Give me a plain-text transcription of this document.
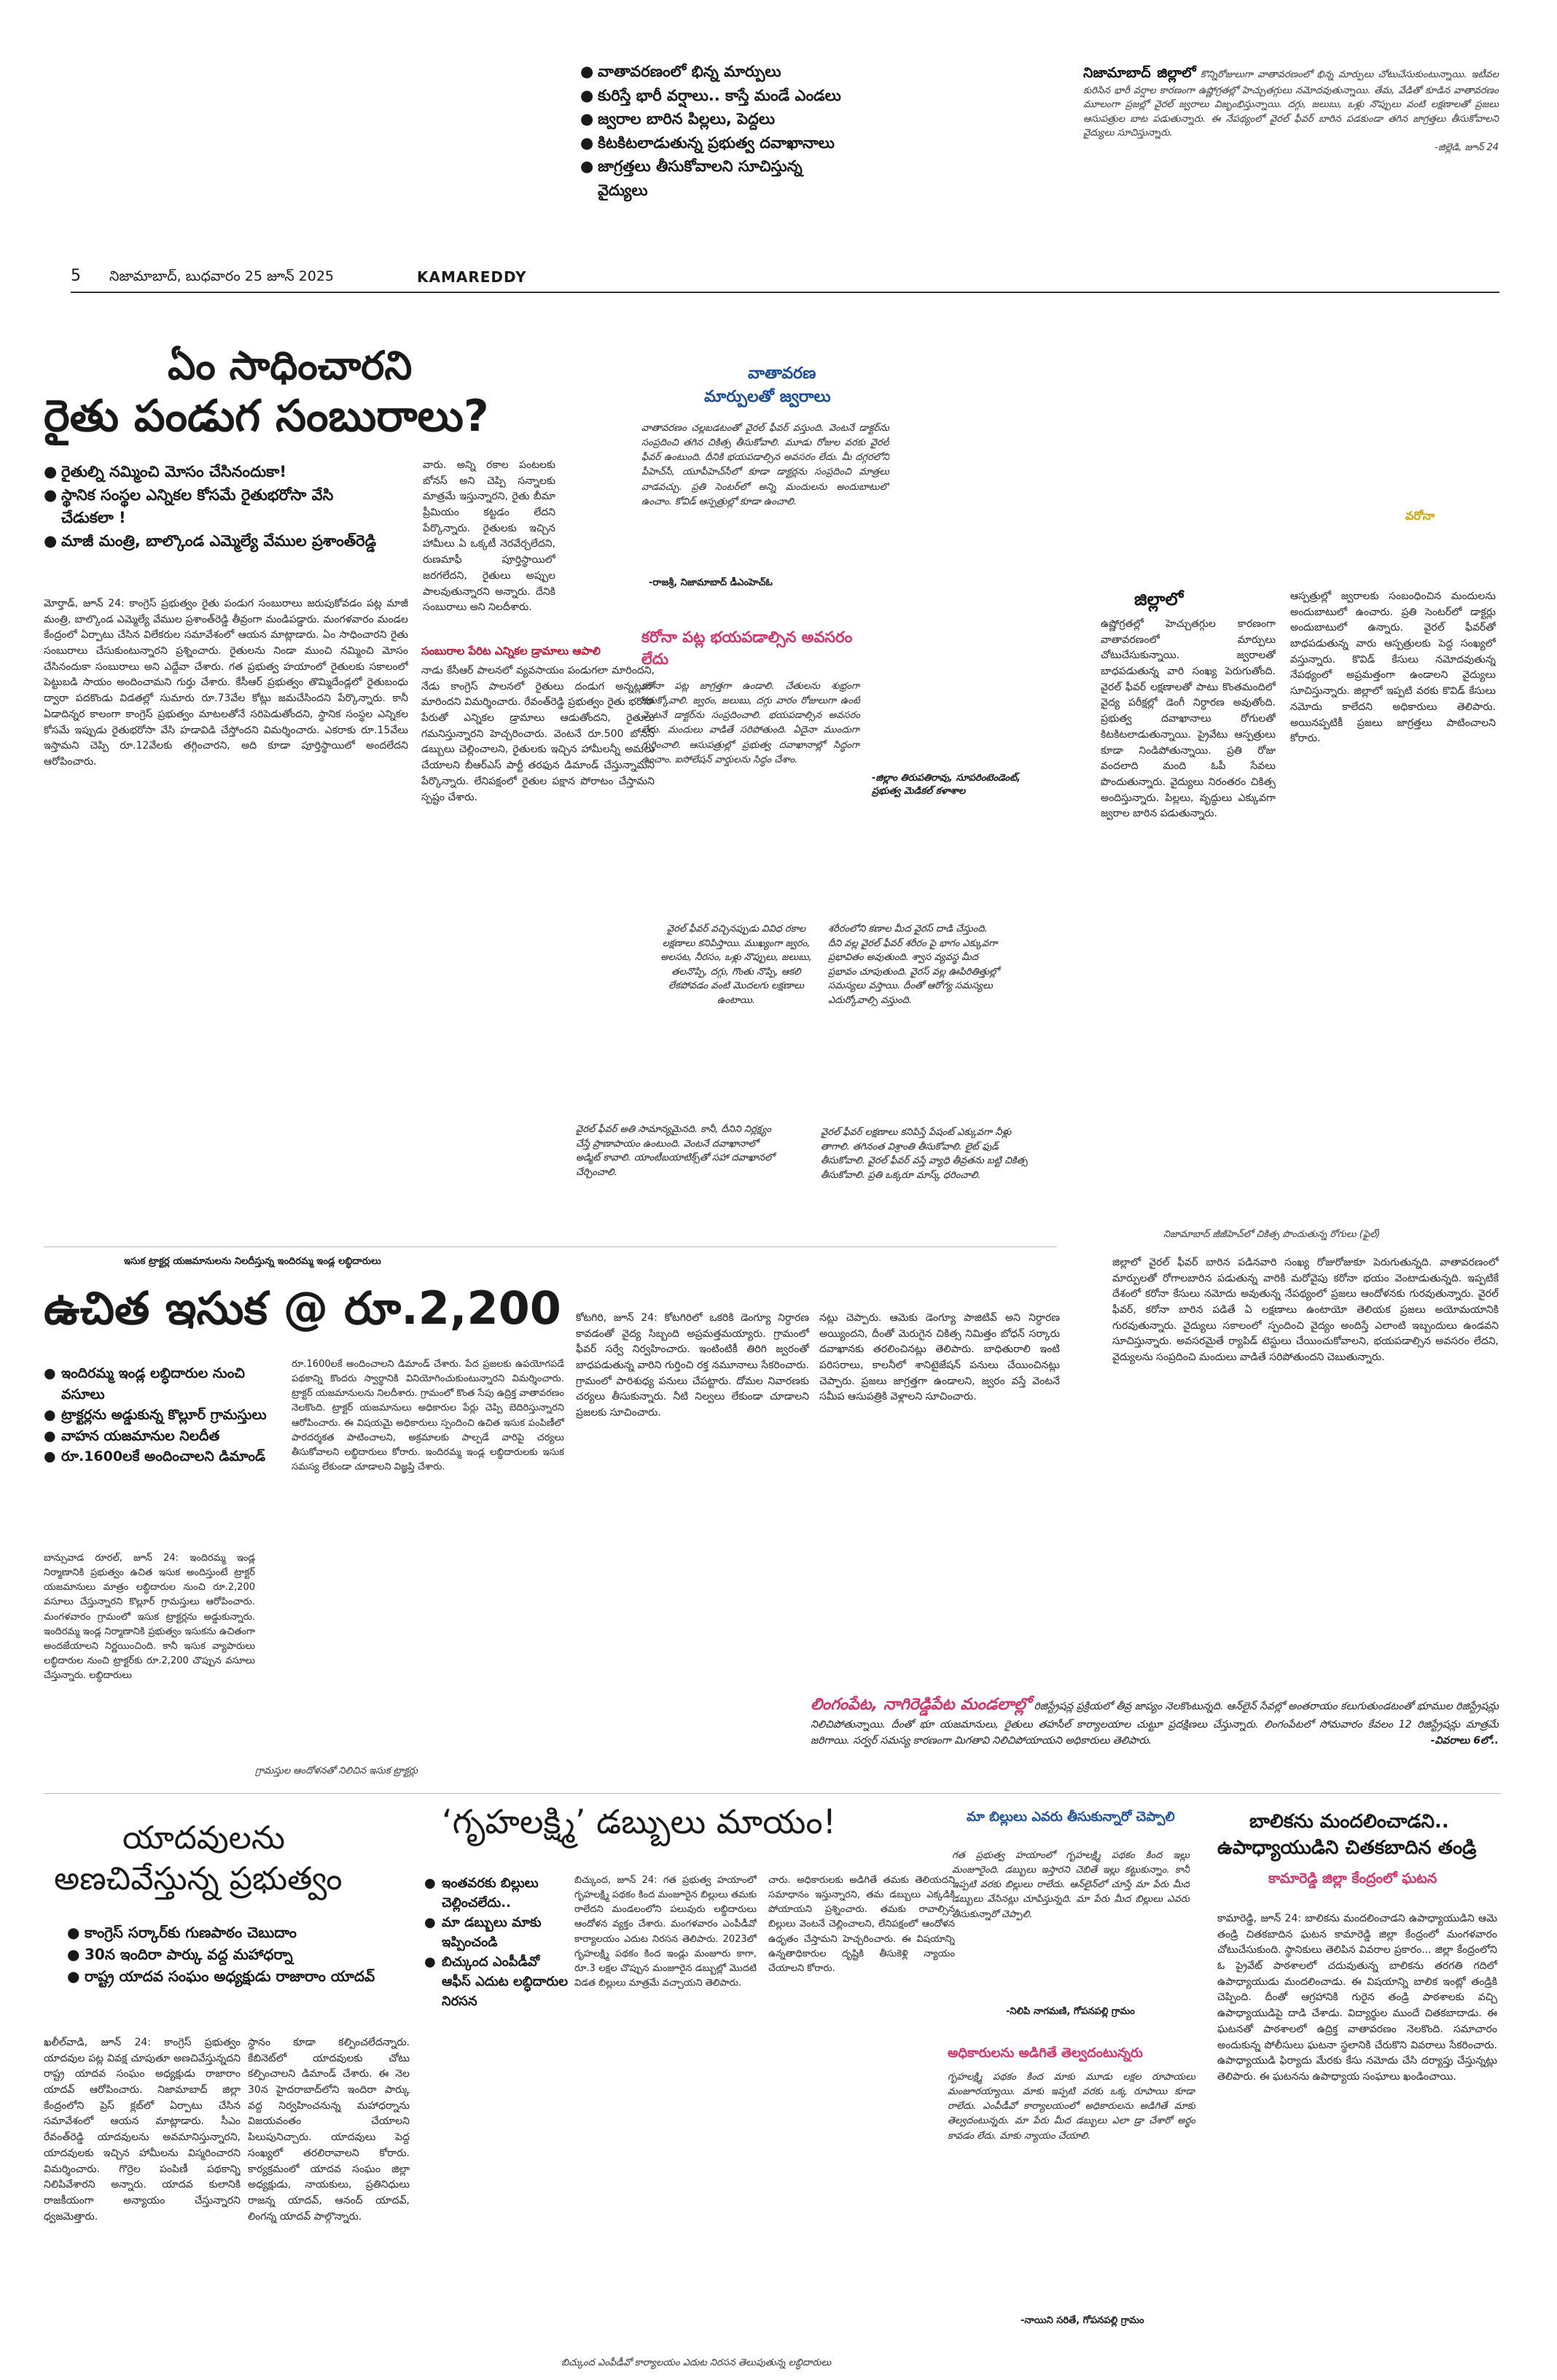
● వాతావరణంలో భిన్న మార్పులు
● కురిస్తే భారీ వర్షాలు.. కాస్తే మండే ఎండలు
● జ్వరాల బారిన పిల్లలు, పెద్దలు
● కిటకిటలాడుతున్న ప్రభుత్వ దవాఖానాలు
● జాగ్రత్తలు తీసుకోవాలని సూచిస్తున్న వైద్యులు
నిజామాబాద్ జిల్లాలో కొన్నిరోజులుగా వాతావరణంలో భిన్న మార్పులు చోటుచేసుకుంటున్నాయి. ఇటీవల కురిసిన భారీ వర్షాల కారణంగా ఉష్ణోగ్రతల్లో హెచ్చుతగ్గులు నమోదవుతున్నాయి. తేమ, వేడితో కూడిన వాతావరణం మూలంగా ప్రజల్లో వైరల్ జ్వరాలు విజృంభిస్తున్నాయి. దగ్గు, జలుబు, ఒళ్లు నొప్పులు వంటి లక్షణాలతో ప్రజలు ఆసుపత్రుల బాట పడుతున్నారు. ఈ నేపథ్యంలో వైరల్ ఫీవర్ బారిన పడకుండా తగిన జాగ్రత్తలు తీసుకోవాలని వైద్యులు సూచిస్తున్నారు.
-జిల్లెడి, జూన్ 24
5 నిజామాబాద్, బుధవారం 25 జూన్ 2025	KAMAREDDY
ఏం సాధించారని
రైతు పండుగ సంబురాలు?
● రైతుల్ని నమ్మించి మోసం చేసినందుకా!
● స్థానిక సంస్థల ఎన్నికల కోసమే రైతుభరోసా వేసి చేడుకలా !
● మాజీ మంత్రి, బాల్కొండ ఎమ్మెల్యే వేముల ప్రశాంత్‌రెడ్డి
మోర్తాడ్, జూన్ 24: కాంగ్రెస్ ప్రభుత్వం రైతు పండుగ సంబురాలు జరుపుకోవడం పట్ల మాజీ మంత్రి, బాల్కొండ ఎమ్మెల్యే వేముల ప్రశాంత్‌రెడ్డి తీవ్రంగా మండిపడ్డారు. మంగళవారం మండల కేంద్రంలో ఏర్పాటు చేసిన విలేకరుల సమావేశంలో ఆయన మాట్లాడారు. ఏం సాధించారని రైతు సంబురాలు చేసుకుంటున్నారని ప్రశ్నించారు. రైతులను నిండా ముంచి నమ్మించి మోసం చేసినందుకా సంబురాలు అని ఎద్దేవా చేశారు. గత ప్రభుత్వ హయాంలో రైతులకు సకాలంలో పెట్టుబడి సాయం అందించామని గుర్తు చేశారు. కేసీఆర్ ప్రభుత్వం తొమ్మిదేండ్లలో రైతుబంధు ద్వారా పదకొండు విడతల్లో సుమారు రూ.73వేల కోట్లు జమచేసిందని పేర్కొన్నారు. కానీ ఏడాదిన్నర కాలంగా కాంగ్రెస్ ప్రభుత్వం మాటలతోనే సరిపెడుతోందని, స్థానిక సంస్థల ఎన్నికల కోసమే ఇప్పుడు రైతుభరోసా వేసి హడావిడి చేస్తోందని విమర్శించారు. ఎకరాకు రూ.15వేలు ఇస్తామని చెప్పి రూ.12వేలకు తగ్గించారని, అది కూడా పూర్తిస్థాయిలో అందలేదని ఆరోపించారు.
వారు. అన్ని రకాల పంటలకు బోనస్ అని చెప్పి సన్నాలకు మాత్రమే ఇస్తున్నారని, రైతు బీమా ప్రీమియం కట్టడం లేదని పేర్కొన్నారు. రైతులకు ఇచ్చిన హామీలు ఏ ఒక్కటీ నెరవేర్చలేదని, రుణమాఫీ పూర్తిస్థాయిలో జరగలేదని, రైతులు అప్పుల పాలవుతున్నారని అన్నారు. దేనికి సంబురాలు అని నిలదీశారు.
సంబురాల పేరిట ఎన్నికల డ్రామాలు ఆపాలి
నాడు కేసీఆర్ పాలనలో వ్యవసాయం పండుగలా మారిందని, నేడు కాంగ్రెస్ పాలనలో రైతులు దండుగ అన్నట్లుగా మారిందని విమర్శించారు. రేవంత్‌రెడ్డి ప్రభుత్వం రైతు భరోసా పేరుతో ఎన్నికల డ్రామాలు ఆడుతోందని, రైతులు గమనిస్తున్నారని హెచ్చరించారు. వెంటనే రూ.500 బోనస్ డబ్బులు చెల్లించాలని, రైతులకు ఇచ్చిన హామీలన్నీ అమలు చేయాలని బీఆర్ఎస్ పార్టీ తరఫున డిమాండ్ చేస్తున్నామని పేర్కొన్నారు. లేనిపక్షంలో రైతుల పక్షాన పోరాటం చేస్తామని స్పష్టం చేశారు.
వాతావరణ
మార్పులతో జ్వరాలు
వాతావరణం చల్లబడటంతో వైరల్ ఫీవర్ వస్తుంది. వెంటనే డాక్టర్‌ను సంప్రదించి తగిన చికిత్స తీసుకోవాలి. మూడు రోజుల వరకు వైరల్ ఫీవర్ ఉంటుంది. దీనికి భయపడాల్సిన అవసరం లేదు. మీ దగ్గరలోని పీహెచ్‌సీ, యూపీహెచ్‌సీలో కూడా డాక్టర్లను సంప్రదించి మాత్రలు వాడవచ్చు. ప్రతి సెంటర్‌లో అన్ని మందులను అందుబాటులో ఉంచాం. కోవిడ్ ఆస్పత్రుల్లో కూడా ఉంచాలి.
-రాజశ్రీ, నిజామాబాద్ డీఎంహెచ్‌ఓ
కరోనా పట్ల భయపడాల్సిన అవసరం లేదు
కరోనా పట్ల జాగ్రత్తగా ఉండాలి. చేతులను శుభ్రంగా కడుక్కోవాలి. జ్వరం, జలుబు, దగ్గు వారం రోజులుగా ఉంటే వెంటనే డాక్టర్‌ను సంప్రదించాలి. భయపడాల్సిన అవసరం లేదు. మందులు వాడితే సరిపోతుంది. ఏదైనా ముందుగా గుర్తించాలి. ఆసుపత్రుల్లో ప్రభుత్వ దవాఖానాల్లో సిద్ధంగా ఉంచాం. ఐసోలేషన్ వార్డులను సిద్ధం చేశాం.
-జిల్లాం తిరుపతిరావు, సూపరింటెండెంట్, ప్రభుత్వ మెడికల్ కళాశాల
వైరల్ ఫీవర్ వచ్చినప్పుడు వివిధ రకాల లక్షణాలు కనిపిస్తాయి. ముఖ్యంగా జ్వరం, అలసట, నీరసం, ఒళ్లు నొప్పులు, జలుబు, తలనొప్పి, దగ్గు, గొంతు నొప్పి, ఆకలి లేకపోవడం వంటి మొదలగు లక్షణాలు ఉంటాయి.
శరీరంలోని కణాల మీద వైరస్ దాడి చేస్తుంది. దీని వల్ల వైరల్ ఫీవర్ శరీరం పై భాగం ఎక్కువగా ప్రభావితం అవుతుంది. శ్వాస వ్యవస్థ మీద ప్రభావం చూపుతుంది. వైరస్ వల్ల ఊపిరితిత్తుల్లో సమస్యలు వస్తాయి. దీంతో ఆరోగ్య సమస్యలు ఎదుర్కోవాల్సి వస్తుంది.
వైరల్ ఫీవర్ అతి సామాన్యమైనది. కానీ, దీనిని నిర్లక్ష్యం చేస్తే ప్రాణాపాయం ఉంటుంది. వెంటనే దవాఖానాలో అడ్మిట్ కావాలి. యాంటీబయాటిక్స్‌తో సహా దవాఖానలో చేర్చించాలి.
వైరల్ ఫీవర్‌ లక్షణాలు కనిపిస్తే పేషంట్ ఎక్కువగా నీళ్లు తాగాలి. తగినంత విశ్రాంతి తీసుకోవాలి. లైట్ ఫుడ్ తీసుకోవాలి. వైరల్ ఫీవర్ వస్తే వ్యాధి తీవ్రతను బట్టి చికిత్స తీసుకోవాలి. ప్రతి ఒక్కరూ మాస్క్ ధరించాలి.
వరోనా
జిల్లాలో
ఉష్ణోగ్రతల్లో హెచ్చుతగ్గుల కారణంగా వాతావరణంలో మార్పులు చోటుచేసుకున్నాయి. జ్వరాలతో బాధపడుతున్న వారి సంఖ్య పెరుగుతోంది. వైరల్ ఫీవర్ లక్షణాలతో పాటు కొంతమందిలో వైద్య పరీక్షల్లో డెంగీ నిర్ధారణ అవుతోంది. ప్రభుత్వ దవాఖానాలు రోగులతో కిటకిటలాడుతున్నాయి. ప్రైవేటు ఆస్పత్రులు కూడా నిండిపోతున్నాయి. ప్రతి రోజు వందలాది మంది ఓపీ సేవలు పొందుతున్నారు. వైద్యులు నిరంతరం చికిత్స అందిస్తున్నారు. పిల్లలు, వృద్ధులు ఎక్కువగా జ్వరాల బారిన పడుతున్నారు.
ఆస్పత్రుల్లో జ్వరాలకు సంబంధించిన మందులను అందుబాటులో ఉంచారు. ప్రతి సెంటర్‌లో డాక్టర్లు అందుబాటులో ఉన్నారు. వైరల్ ఫీవర్‌తో బాధపడుతున్న వారు ఆస్పత్రులకు పెద్ద సంఖ్యలో వస్తున్నారు. కొవిడ్ కేసులు నమోదవుతున్న నేపథ్యంలో అప్రమత్తంగా ఉండాలని వైద్యులు సూచిస్తున్నారు. జిల్లాలో ఇప్పటి వరకు కొవిడ్ కేసులు నమోదు కాలేదని అధికారులు తెలిపారు. అయినప్పటికీ ప్రజలు జాగ్రత్తలు పాటించాలని కోరారు.
నిజామాబాద్ జీజీహెచ్‌లో చికిత్స పొందుతున్న రోగులు (ఫైల్)
జిల్లాలో వైరల్ ఫీవర్ బారిన పడినవారి సంఖ్య రోజురోజుకూ పెరుగుతున్నది. వాతావరణంలో మార్పులతో రోగాలబారిన పడుతున్న వారికి మరోవైపు కరోనా భయం వెంటాడుతున్నది. ఇప్పటికే దేశంలో కరోనా కేసులు నమోదు అవుతున్న నేపథ్యంలో ప్రజలు ఆందోళనకు గురవుతున్నారు. వైరల్ ఫీవర్, కరోనా బారిన పడితే ఏ లక్షణాలు ఉంటాయో తెలియక ప్రజలు అయోమయానికి గురవుతున్నారు. వైద్యులు సకాలంలో స్పందించి వైద్యం అందిస్తే ఎలాంటి ఇబ్బందులు ఉండవని సూచిస్తున్నారు. అవసరమైతే ర్యాపిడ్ టెస్టులు చేయించుకోవాలని, భయపడాల్సిన అవసరం లేదని, వైద్యులను సంప్రదించి మందులు వాడితే సరిపోతుందని చెబుతున్నారు.
ఇసుక ట్రాక్టర్ల యజమానులను నిలదీస్తున్న ఇందిరమ్మ ఇండ్ల లబ్ధిదారులు
ఉచిత ఇసుక @ రూ.2,200
● ఇందిరమ్మ ఇండ్ల లబ్ధిదారుల నుంచి వసూలు
● ట్రాక్టర్లను అడ్డుకున్న కొల్లూర్ గ్రామస్తులు
● వాహన యజమానుల నిలదీత
● రూ.1600లకే అందించాలని డిమాండ్
బాన్సువాడ రూరల్, జూన్ 24: ఇందిరమ్మ ఇండ్ల నిర్మాణానికి ప్రభుత్వం ఉచిత ఇసుక అందిస్తుంటే ట్రాక్టర్ యజమానులు మాత్రం లబ్ధిదారుల నుంచి రూ.2,200 వసూలు చేస్తున్నారని కొల్లూర్ గ్రామస్తులు ఆరోపించారు. మంగళవారం గ్రామంలో ఇసుక ట్రాక్టర్లను అడ్డుకున్నారు. ఇందిరమ్మ ఇండ్ల నిర్మాణానికి ప్రభుత్వం ఇసుకను ఉచితంగా అందజేయాలని నిర్ణయించింది. కానీ ఇసుక వ్యాపారులు లబ్ధిదారుల నుంచి ట్రాక్టర్‌కు రూ.2,200 చొప్పున వసూలు చేస్తున్నారు. లబ్ధిదారులు
రూ.1600లకే అందించాలని డిమాండ్ చేశారు. పేద ప్రజలకు ఉపయోగపడే పథకాన్ని కొందరు స్వార్థానికి వినియోగించుకుంటున్నారని విమర్శించారు. ట్రాక్టర్ యజమానులను నిలదీశారు. గ్రామంలో కొంత సేపు ఉద్రిక్త వాతావరణం నెలకొంది. ట్రాక్టర్ యజమానులు అధికారుల పేర్లు చెప్పి బెదిరిస్తున్నారని ఆరోపించారు. ఈ విషయమై అధికారులు స్పందించి ఉచిత ఇసుక పంపిణీలో పారదర్శకత పాటించాలని, అక్రమాలకు పాల్పడే వారిపై చర్యలు తీసుకోవాలని లబ్ధిదారులు కోరారు. ఇందిరమ్మ ఇండ్ల లబ్ధిదారులకు ఇసుక సమస్య లేకుండా చూడాలని విజ్ఞప్తి చేశారు.
గ్రామస్తుల ఆందోళనతో నిలిచిన ఇసుక ట్రాక్టర్లు
కోటగిరి, జూన్ 24: కోటగిరిలో ఒకరికి డెంగ్యూ నిర్ధారణ కావడంతో వైద్య సిబ్బంది అప్రమత్తమయ్యారు. గ్రామంలో ఫీవర్ సర్వే నిర్వహించారు. ఇంటింటికీ తిరిగి జ్వరంతో బాధపడుతున్న వారిని గుర్తించి రక్త నమూనాలు సేకరించారు. గ్రామంలో పారిశుధ్య పనులు చేపట్టారు. దోమల నివారణకు చర్యలు తీసుకున్నారు. నీటి నిల్వలు లేకుండా చూడాలని ప్రజలకు సూచించారు.
నట్లు చెప్పారు. ఆమెకు డెంగ్యూ పాజిటివ్ అని నిర్ధారణ అయ్యిందని, దీంతో మెరుగైన చికిత్స నిమిత్తం బోధన్ సర్కారు దవాఖానకు తరలించినట్లు తెలిపారు. బాధితురాలి ఇంటి పరిసరాలు, కాలనీలో శానిటైజేషన్ పనులు చేయించినట్లు చెప్పారు. ప్రజలు జాగ్రత్తగా ఉండాలని, జ్వరం వస్తే వెంటనే సమీప ఆసుపత్రికి వెళ్లాలని సూచించారు.
లింగంపేట, నాగిరెడ్డిపేట మండలాల్లో రిజిస్ట్రేషన్ల ప్రక్రియలో తీవ్ర జాప్యం నెలకొంటున్నది. ఆన్‌లైన్ సేవల్లో అంతరాయం కలుగుతుండటంతో భూముల రిజిస్ట్రేషన్లు నిలిచిపోతున్నాయి. దీంతో భూ యజమానులు, రైతులు తహసీల్ కార్యాలయాల చుట్టూ ప్రదక్షిణలు చేస్తున్నారు. లింగంపేటలో సోమవారం కేవలం 12 రిజిస్ట్రేషన్లు మాత్రమే జరిగాయి. సర్వర్ సమస్య కారణంగా మిగతావి నిలిచిపోయాయని అధికారులు తెలిపారు.	-వివరాలు 6లో..
యాదవులను
అణచివేస్తున్న ప్రభుత్వం
● కాంగ్రెస్ సర్కార్‌కు గుణపాఠం చెబుదాం
● 30న ఇందిరా పార్కు వద్ద మహాధర్నా
● రాష్ట్ర యాదవ సంఘం అధ్యక్షుడు రాజారాం యాదవ్
ఖలీల్‌వాడి, జూన్ 24: కాంగ్రెస్ ప్రభుత్వం యాదవుల పట్ల వివక్ష చూపుతూ అణచివేస్తున్నదని రాష్ట్ర యాదవ సంఘం అధ్యక్షుడు రాజారాం యాదవ్ ఆరోపించారు. నిజామాబాద్ జిల్లా కేంద్రంలోని ప్రెస్ క్లబ్‌లో ఏర్పాటు చేసిన సమావేశంలో ఆయన మాట్లాడారు. సీఎం రేవంత్‌రెడ్డి యాదవులను అవమానిస్తున్నారని, యాదవులకు ఇచ్చిన హామీలను విస్మరించారని విమర్శించారు. గొర్రెల పంపిణీ పథకాన్ని నిలిపివేశారని అన్నారు. యాదవ కులానికి రాజకీయంగా అన్యాయం చేస్తున్నారని ధ్వజమెత్తారు.
స్థానం కూడా కల్పించలేదన్నారు. కేబినెట్‌లో యాదవులకు చోటు కల్పించాలని డిమాండ్ చేశారు. ఈ నెల 30న హైదరాబాద్‌లోని ఇందిరా పార్కు వద్ద నిర్వహించనున్న మహాధర్నాను విజయవంతం చేయాలని పిలుపునిచ్చారు. యాదవులు పెద్ద సంఖ్యలో తరలిరావాలని కోరారు. కార్యక్రమంలో యాదవ సంఘం జిల్లా అధ్యక్షుడు, నాయకులు, ప్రతినిధులు రాజన్న యాదవ్, ఆనంద్ యాదవ్, లింగన్న యాదవ్ పాల్గొన్నారు.
‘గృహలక్ష్మి’ డబ్బులు మాయం!
● ఇంతవరకు బిల్లులు చెల్లించలేదు..
● మా డబ్బులు మాకు ఇప్పించండి
● బిచ్కుంద ఎంపీడీవో ఆఫీస్ ఎదుట లబ్ధిదారుల నిరసన
బిచ్కుంద, జూన్ 24: గత ప్రభుత్వ హయాంలో గృహలక్ష్మి పథకం కింద మంజూరైన బిల్లులు తమకు రాలేదని మండలంలోని పలువురు లబ్ధిదారులు ఆందోళన వ్యక్తం చేశారు. మంగళవారం ఎంపీడీవో కార్యాలయం ఎదుట నిరసన తెలిపారు. 2023లో గృహలక్ష్మి పథకం కింద ఇండ్లు మంజూరు కాగా, రూ.3 లక్షల చొప్పున మంజూరైన డబ్బుల్లో మొదటి విడత బిల్లులు మాత్రమే వచ్చాయని తెలిపారు.
చారు. అధికారులకు అడిగితే తమకు తెలియదని సమాధానం ఇస్తున్నారని, తమ డబ్బులు ఎక్కడికి పోయాయని ప్రశ్నించారు. తమకు రావాల్సిన బిల్లులు వెంటనే చెల్లించాలని, లేనిపక్షంలో ఆందోళన ఉధృతం చేస్తామని హెచ్చరించారు. ఈ విషయాన్ని ఉన్నతాధికారుల దృష్టికి తీసుకెళ్లి న్యాయం చేయాలని కోరారు.
బిచ్కుంద ఎంపీడీవో కార్యాలయం ఎదుట నిరసన తెలుపుతున్న లబ్ధిదారులు
మా బిల్లులు ఎవరు తీసుకున్నారో చెప్పాలి
గత ప్రభుత్వ హయాంలో గృహలక్ష్మి పథకం కింద ఇల్లు మంజూరైంది. డబ్బులు ఇస్తారని చెబితే ఇల్లు కట్టుకున్నాం. కానీ ఇప్పటి వరకు బిల్లులు రాలేదు. ఆన్‌లైన్‌లో చూస్తే మా పేరు మీద డబ్బులు వేసినట్లు చూపిస్తున్నది. మా పేరు మీద బిల్లులు ఎవరు తీసుకున్నారో చెప్పాలి.
-నిలిపి నాగమణి, గోపనపల్లి గ్రామం
అధికారులను అడిగితే తెల్వదంటున్నరు
గృహలక్ష్మి పథకం కింద మాకు మూడు లక్షల రూపాయలు మంజూరయ్యాయి. మాకు ఇప్పటి వరకు ఒక్క రూపాయి కూడా రాలేదు. ఎంపీడీవో కార్యాలయంలో అధికారులను అడిగితే మాకు తెల్వదంటున్నరు. మా పేరు మీద డబ్బులు ఎలా డ్రా చేశారో అర్థం కావడం లేదు. మాకు న్యాయం చేయాలి.
-నాయిని సరితే, గోపనపల్లి గ్రామం
బాలికను మందలించాడని..
ఉపాధ్యాయుడిని చితకబాదిన తండ్రి
కామారెడ్డి జిల్లా కేంద్రంలో ఘటన
కామారెడ్డి, జూన్ 24: బాలికను మందలించాడని ఉపాధ్యాయుడిని ఆమె తండ్రి చితకబాదిన ఘటన కామారెడ్డి జిల్లా కేంద్రంలో మంగళవారం చోటుచేసుకుంది. స్థానికులు తెలిపిన వివరాల ప్రకారం... జిల్లా కేంద్రంలోని ఓ ప్రైవేట్ పాఠశాలలో చదువుతున్న బాలికను తరగతి గదిలో ఉపాధ్యాయుడు మందలించాడు. ఈ విషయాన్ని బాలిక ఇంట్లో తండ్రికి చెప్పింది. దీంతో ఆగ్రహానికి గురైన తండ్రి పాఠశాలకు వచ్చి ఉపాధ్యాయుడిపై దాడి చేశాడు. విద్యార్థుల ముందే చితకబాదాడు. ఈ ఘటనతో పాఠశాలలో ఉద్రిక్త వాతావరణం నెలకొంది. సమాచారం అందుకున్న పోలీసులు ఘటనా స్థలానికి చేరుకొని వివరాలు సేకరించారు. ఉపాధ్యాయుడి ఫిర్యాదు మేరకు కేసు నమోదు చేసి దర్యాప్తు చేస్తున్నట్లు తెలిపారు. ఈ ఘటనను ఉపాధ్యాయ సంఘాలు ఖండించాయి.
